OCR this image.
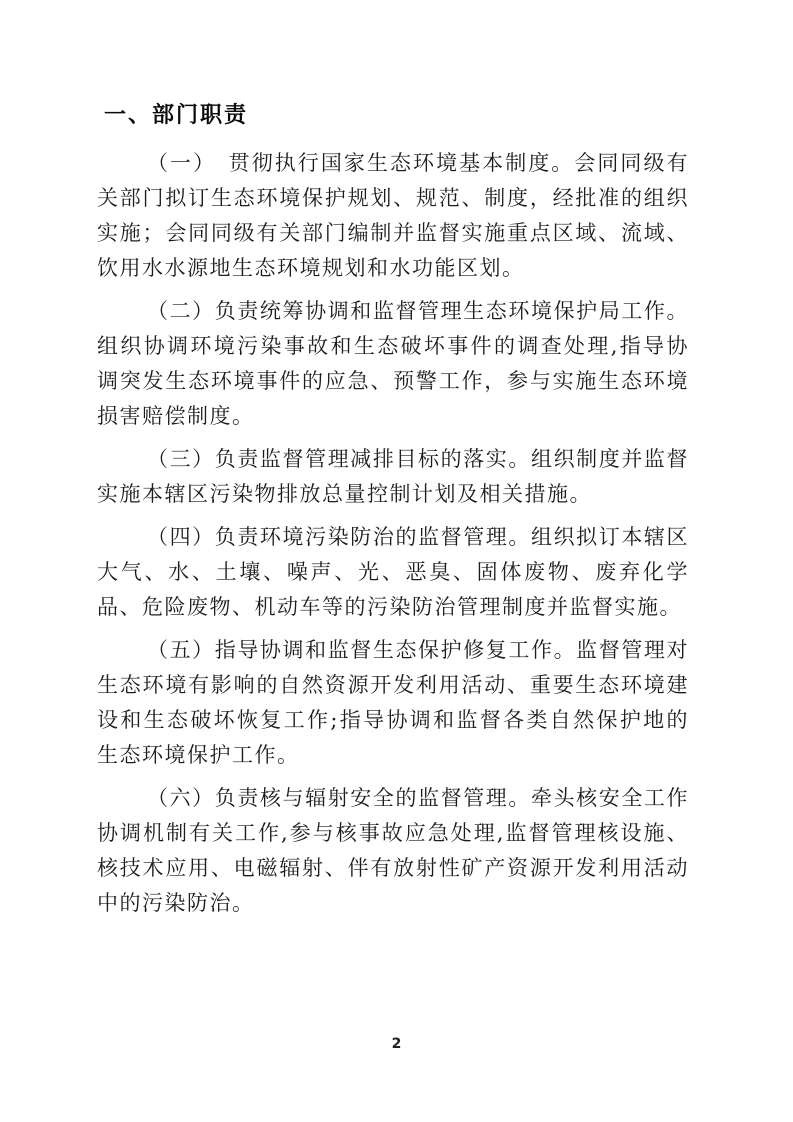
一、部门职责

（一）　贯彻执行国家生态环境基本制度。会同同级有关部门拟订生态环境保护规划、规范、制度，经批准的组织实施；会同同级有关部门编制并监督实施重点区域、流域、饮用水水源地生态环境规划和水功能区划。

（二）负责统筹协调和监督管理生态环境保护局工作。组织协调环境污染事故和生态破坏事件的调查处理,指导协调突发生态环境事件的应急、预警工作，参与实施生态环境损害赔偿制度。

（三）负责监督管理减排目标的落实。组织制度并监督实施本辖区污染物排放总量控制计划及相关措施。

（四）负责环境污染防治的监督管理。组织拟订本辖区大气、水、土壤、噪声、光、恶臭、固体废物、废弃化学品、危险废物、机动车等的污染防治管理制度并监督实施。

（五）指导协调和监督生态保护修复工作。监督管理对生态环境有影响的自然资源开发利用活动、重要生态环境建设和生态破坏恢复工作;指导协调和监督各类自然保护地的生态环境保护工作。

（六）负责核与辐射安全的监督管理。牵头核安全工作协调机制有关工作,参与核事故应急处理,监督管理核设施、核技术应用、电磁辐射、伴有放射性矿产资源开发利用活动中的污染防治。

2
